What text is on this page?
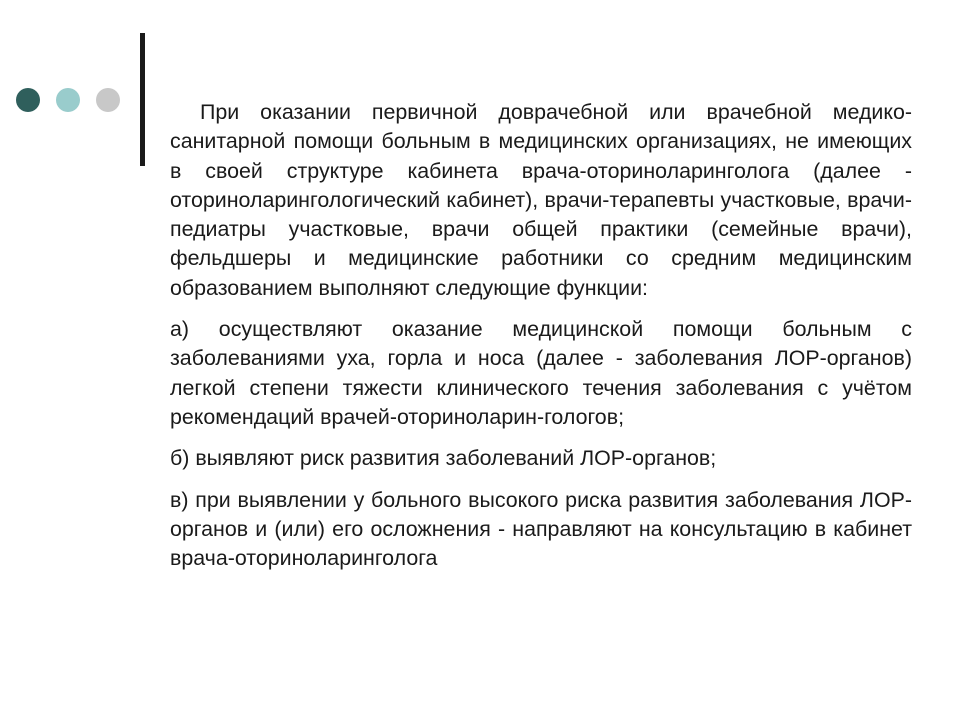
При оказании первичной доврачебной или врачебной медико-санитарной помощи больным в медицинских организациях, не имеющих в своей структуре кабинета врача-оториноларинголога (далее - оториноларингологический кабинет), врачи-терапевты участковые, врачи-педиатры участковые, врачи общей практики (семейные врачи), фельдшеры и медицинские работники со средним медицинским образованием выполняют следующие функции:

а) осуществляют оказание медицинской помощи больным с заболеваниями уха, горла и носа (далее - заболевания ЛОР-органов) легкой степени тяжести клинического течения заболевания с учётом рекомендаций врачей-оториноларин-гологов;

б) выявляют риск развития заболеваний ЛОР-органов;

в) при выявлении у больного высокого риска развития заболевания ЛОР-органов и (или) его осложнения - направляют на консультацию в кабинет врача-оториноларинголога
